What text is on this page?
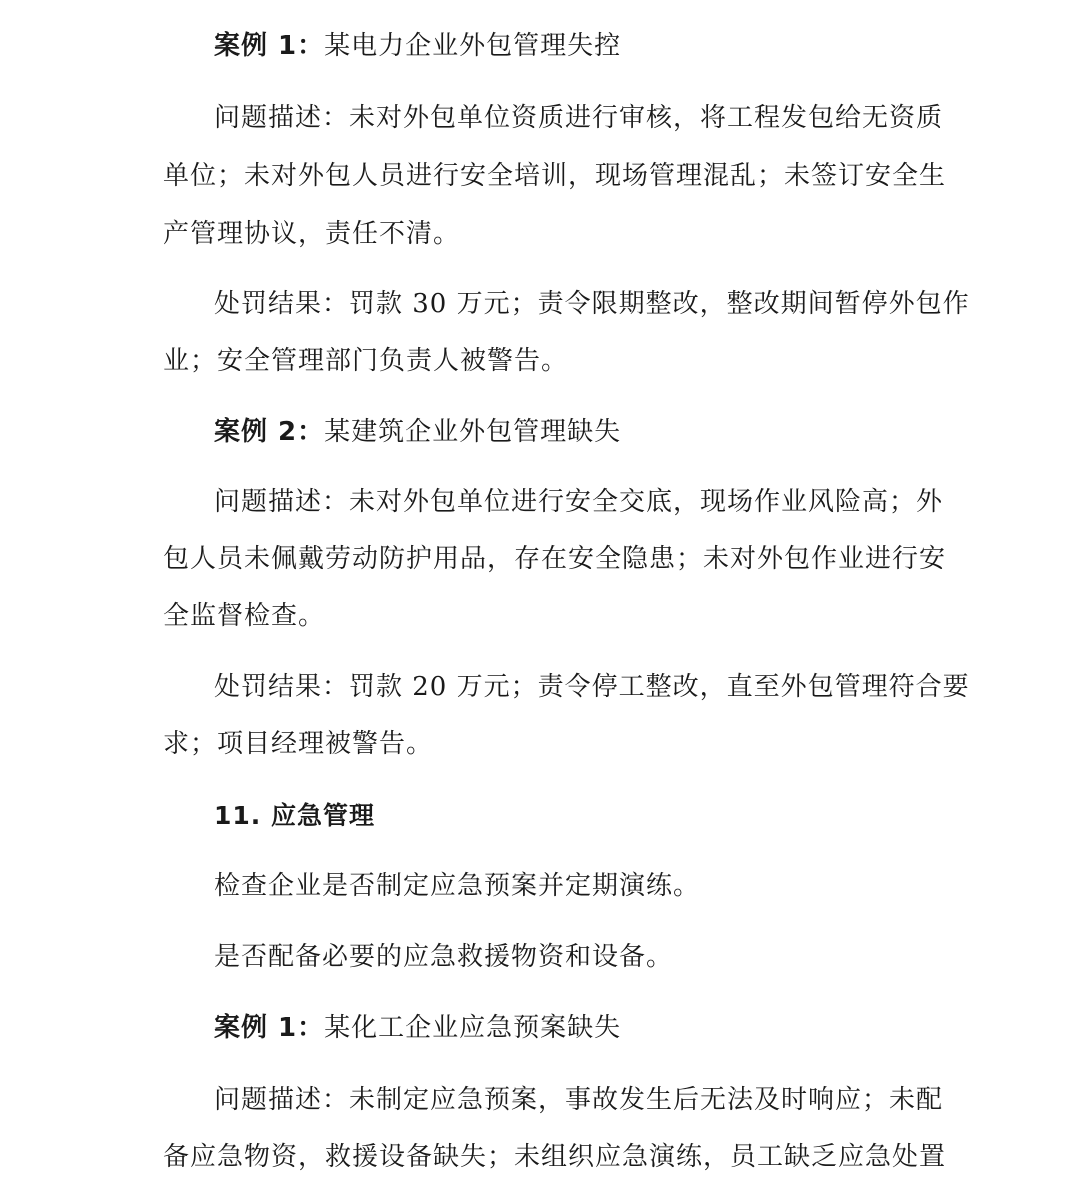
案例 1：某电力企业外包管理失控
问题描述：未对外包单位资质进行审核，将工程发包给无资质
单位；未对外包人员进行安全培训，现场管理混乱；未签订安全生
产管理协议，责任不清。
处罚结果：罚款 30 万元；责令限期整改，整改期间暂停外包作
业；安全管理部门负责人被警告。
案例 2：某建筑企业外包管理缺失
问题描述：未对外包单位进行安全交底，现场作业风险高；外
包人员未佩戴劳动防护用品，存在安全隐患；未对外包作业进行安
全监督检查。
处罚结果：罚款 20 万元；责令停工整改，直至外包管理符合要
求；项目经理被警告。
11. 应急管理
检查企业是否制定应急预案并定期演练。
是否配备必要的应急救援物资和设备。
案例 1：某化工企业应急预案缺失
问题描述：未制定应急预案，事故发生后无法及时响应；未配
备应急物资，救援设备缺失；未组织应急演练，员工缺乏应急处置
